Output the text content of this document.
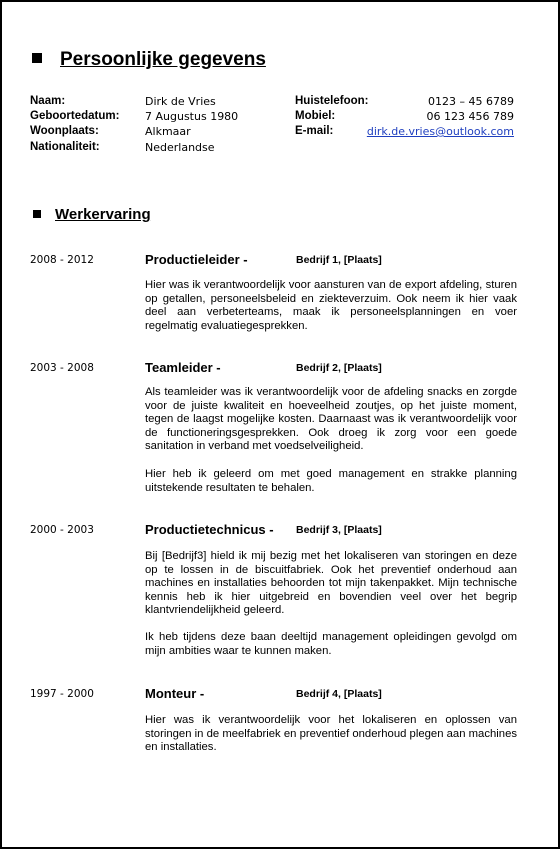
Persoonlijke gegevens
Naam:	Dirk de Vries
Geboortedatum: 7 Augustus 1980
Woonplaats:	Alkmaar
Nationaliteit:	Nederlandse
Huistelefoon:	0123 – 45 6789
Mobiel:	06 123 456 789
E-mail:	dirk.de.vries@outlook.com
Werkervaring
2008 - 2012	Productieleider -	Bedrijf 1, [Plaats]
Hier was ik verantwoordelijk voor aansturen van de export afdeling, sturen op getallen, personeelsbeleid en ziekteverzuim. Ook neem ik hier vaak deel aan verbeterteams, maak ik personeelsplanningen en voer regelmatig evaluatiegesprekken.
2003 - 2008	Teamleider -	Bedrijf 2, [Plaats]
Als teamleider was ik verantwoordelijk voor de afdeling snacks en zorgde voor de juiste kwaliteit en hoeveelheid zoutjes, op het juiste moment, tegen de laagst mogelijke kosten. Daarnaast was ik verantwoordelijk voor de functioneringsgesprekken. Ook droeg ik zorg voor een goede sanitation in verband met voedselveiligheid.
Hier heb ik geleerd om met goed management en strakke planning uitstekende resultaten te behalen.
2000 - 2003	Productietechnicus - Bedrijf 3, [Plaats]
Bij [Bedrijf3] hield ik mij bezig met het lokaliseren van storingen en deze op te lossen in de biscuitfabriek. Ook het preventief onderhoud aan machines en installaties behoorden tot mijn takenpakket. Mijn technische kennis heb ik hier uitgebreid en bovendien veel over het begrip klantvriendelijkheid geleerd.
Ik heb tijdens deze baan deeltijd management opleidingen gevolgd om mijn ambities waar te kunnen maken.
1997 - 2000	Monteur -	Bedrijf 4, [Plaats]
Hier was ik verantwoordelijk voor het lokaliseren en oplossen van storingen in de meelfabriek en preventief onderhoud plegen aan machines en installaties.
